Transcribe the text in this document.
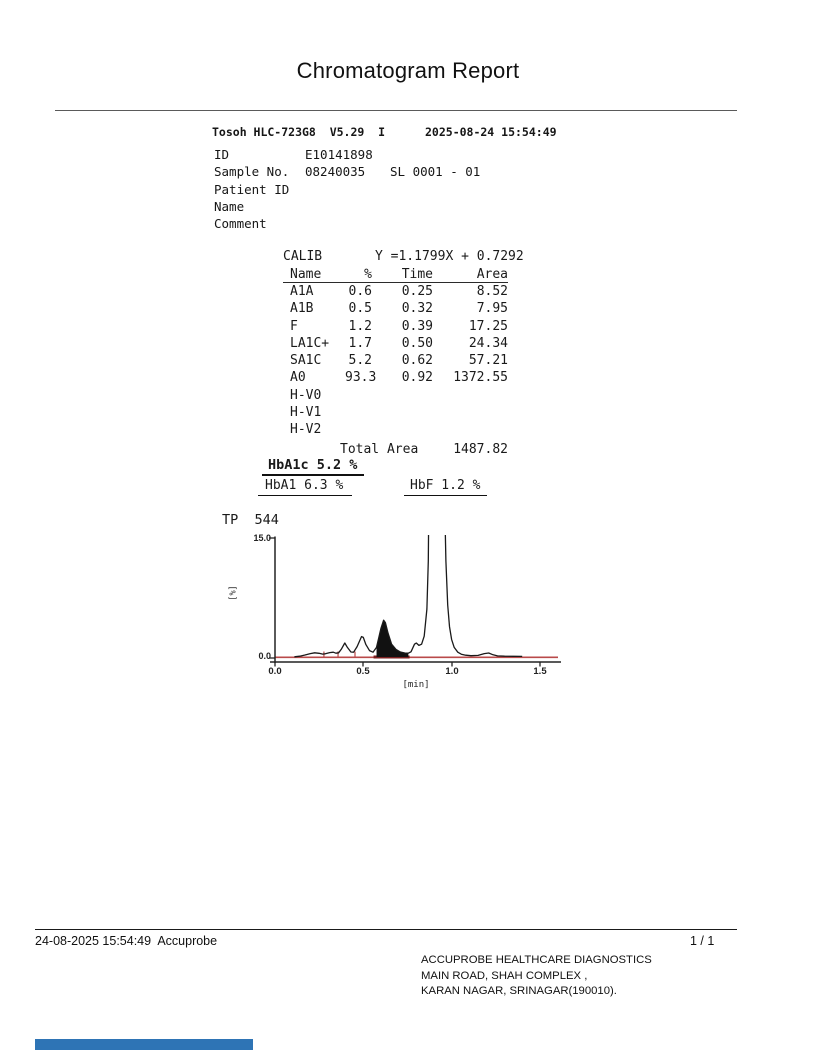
Chromatogram Report
Tosoh HLC-723G8  V5.29  I	2025-08-24 15:54:49
ID	E10141898
Sample No. 08240035 SL 0001 - 01
Patient ID
Name
Comment
CALIB	Y =1.1799X + 0.7292
Name	%	Time	Area
A1A	0.6	0.25	8.52
A1B	0.5	0.32	7.95
F	1.2	0.39	17.25
LA1C+	1.7	0.50	24.34
SA1C	5.2	0.62	57.21
A0	93.3	0.92	1372.55
H-V0
H-V1
H-V2
Total Area	1487.82
HbA1c 5.2 %
HbA1 6.3 %	HbF 1.2 %
TP  544
15.0
0.0
[%]
0.0	0.5	1.0	1.5
[min]
24-08-2025 15:54:49  Accuprobe	1 / 1
ACCUPROBE HEALTHCARE DIAGNOSTICS
MAIN ROAD, SHAH COMPLEX ,
KARAN NAGAR, SRINAGAR(190010).
